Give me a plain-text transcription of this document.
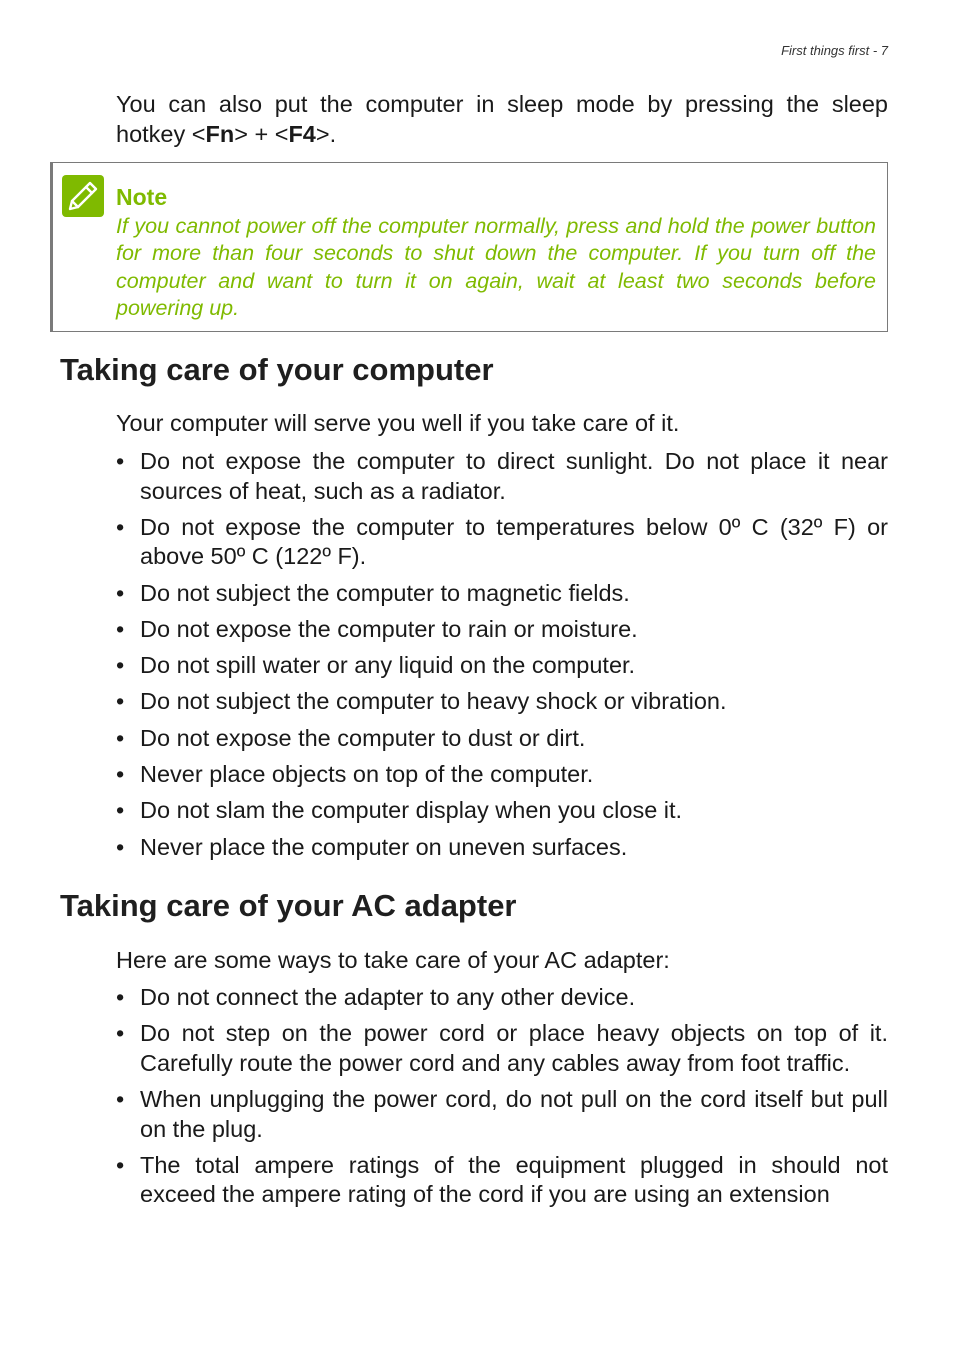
First things first - 7
You can also put the computer in sleep mode by pressing the sleep hotkey <Fn> + <F4>.
Note
If you cannot power off the computer normally, press and hold the power button for more than four seconds to shut down the computer. If you turn off the computer and want to turn it on again, wait at least two seconds before powering up.
Taking care of your computer
Your computer will serve you well if you take care of it.
• Do not expose the computer to direct sunlight. Do not place it near sources of heat, such as a radiator.
• Do not expose the computer to temperatures below 0º C (32º F) or above 50º C (122º F).
• Do not subject the computer to magnetic fields.
• Do not expose the computer to rain or moisture.
• Do not spill water or any liquid on the computer.
• Do not subject the computer to heavy shock or vibration.
• Do not expose the computer to dust or dirt.
• Never place objects on top of the computer.
• Do not slam the computer display when you close it.
• Never place the computer on uneven surfaces.
Taking care of your AC adapter
Here are some ways to take care of your AC adapter:
• Do not connect the adapter to any other device.
• Do not step on the power cord or place heavy objects on top of it. Carefully route the power cord and any cables away from foot traffic.
• When unplugging the power cord, do not pull on the cord itself but pull on the plug.
• The total ampere ratings of the equipment plugged in should not exceed the ampere rating of the cord if you are using an extension
